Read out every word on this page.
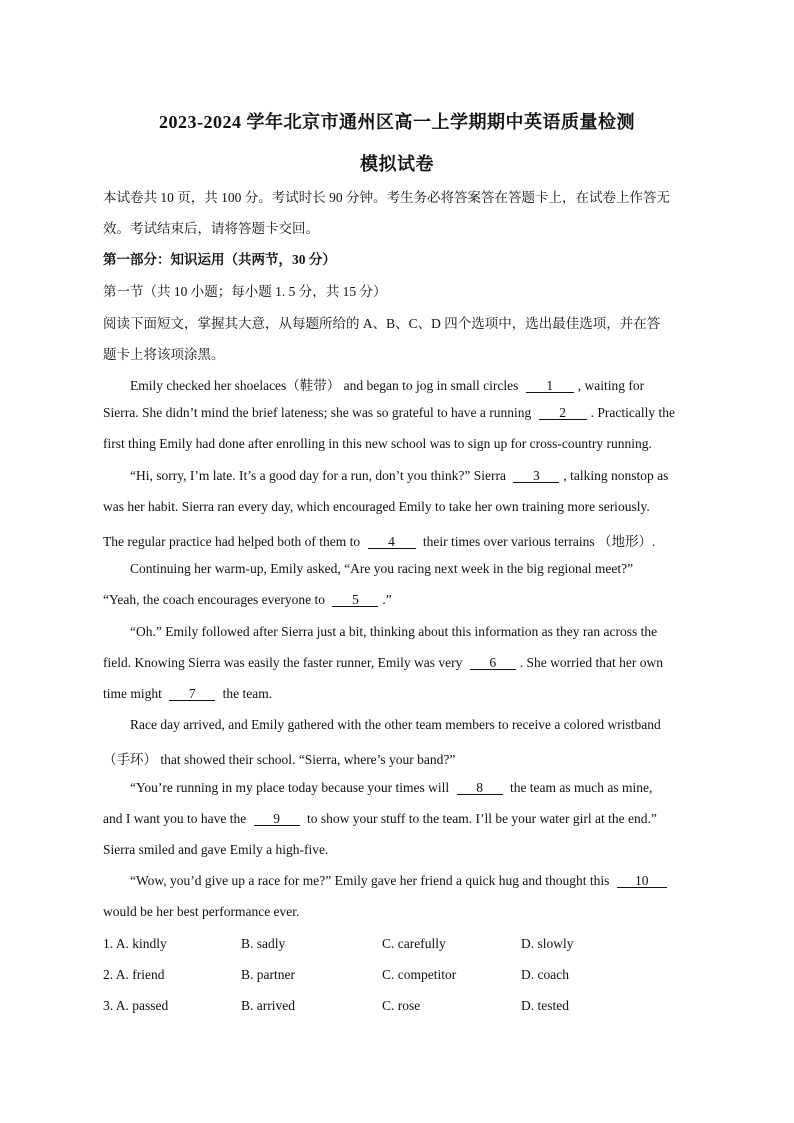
2023-2024 学年北京市通州区高一上学期期中英语质量检测
模拟试卷
本试卷共 10 页，共 100 分。考试时长 90 分钟。考生务必将答案答在答题卡上，在试卷上作答无
效。考试结束后，请将答题卡交回。
第一部分：知识运用（共两节，30 分）
第一节（共 10 小题；每小题 1. 5 分，共 15 分）
阅读下面短文，掌握其大意，从每题所给的 A、B、C、D 四个选项中，选出最佳选项，并在答
题卡上将该项涂黑。
Emily checked her shoelaces（鞋带） and began to jog in small circles 1 , waiting for
Sierra. She didn’t mind the brief lateness; she was so grateful to have a running 2 . Practically the
first thing Emily had done after enrolling in this new school was to sign up for cross-country running.
“Hi, sorry, I’m late. It’s a good day for a run, don’t you think?” Sierra 3 , talking nonstop as
was her habit. Sierra ran every day, which encouraged Emily to take her own training more seriously.
The regular practice had helped both of them to 4 their times over various terrains （地形）.
Continuing her warm-up, Emily asked, “Are you racing next week in the big regional meet?”
“Yeah, the coach encourages everyone to 5 .”
“Oh.” Emily followed after Sierra just a bit, thinking about this information as they ran across the
field. Knowing Sierra was easily the faster runner, Emily was very 6 . She worried that her own
time might 7 the team.
Race day arrived, and Emily gathered with the other team members to receive a colored wristband
（手环） that showed their school. “Sierra, where’s your band?”
“You’re running in my place today because your times will 8 the team as much as mine,
and I want you to have the 9 to show your stuff to the team. I’ll be your water girl at the end.”
Sierra smiled and gave Emily a high-five.
“Wow, you’d give up a race for me?” Emily gave her friend a quick hug and thought this 10
would be her best performance ever.
1. A. kindly	B. sadly	C. carefully	D. slowly
2. A. friend	B. partner	C. competitor	D. coach
3. A. passed	B. arrived	C. rose	D. tested
